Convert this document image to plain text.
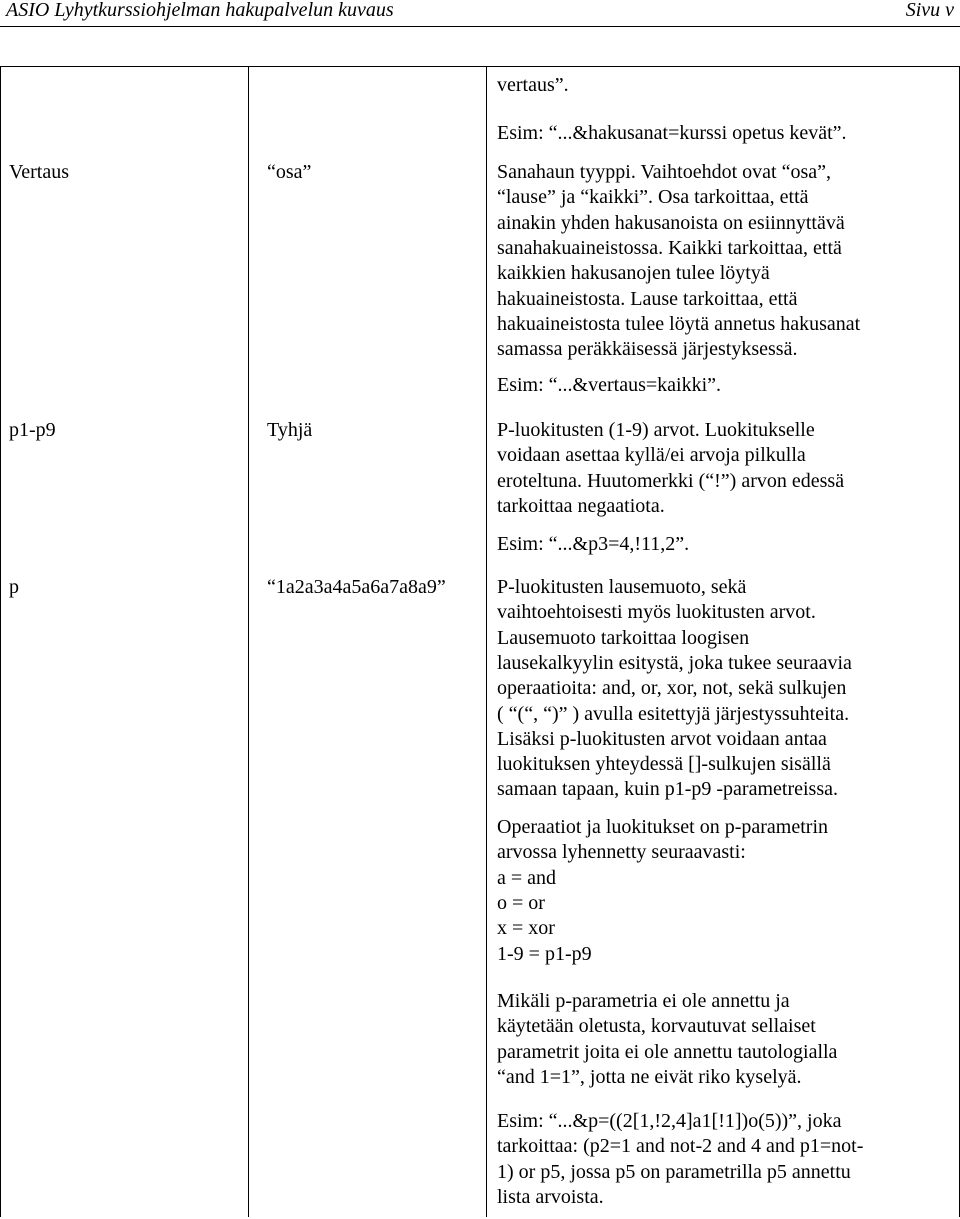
ASIO Lyhytkurssiohjelman hakupalvelun kuvaus	Sivu v
vertaus”.
Esim: “...&hakusanat=kurssi opetus kevät”.
Vertaus	“osa”	Sanahaun tyyppi. Vaihtoehdot ovat “osa”,
“lause” ja “kaikki”. Osa tarkoittaa, että
ainakin yhden hakusanoista on esiinnyttävä
sanahakuaineistossa. Kaikki tarkoittaa, että
kaikkien hakusanojen tulee löytyä
hakuaineistosta. Lause tarkoittaa, että
hakuaineistosta tulee löytä annetus hakusanat
samassa peräkkäisessä järjestyksessä.
Esim: “...&vertaus=kaikki”.
p1-p9	Tyhjä	P-luokitusten (1-9) arvot. Luokitukselle
voidaan asettaa kyllä/ei arvoja pilkulla
eroteltuna. Huutomerkki (“!”) arvon edessä
tarkoittaa negaatiota.
Esim: “...&p3=4,!11,2”.
p	“1a2a3a4a5a6a7a8a9”	P-luokitusten lausemuoto, sekä
vaihtoehtoisesti myös luokitusten arvot.
Lausemuoto tarkoittaa loogisen
lausekalkyylin esitystä, joka tukee seuraavia
operaatioita: and, or, xor, not, sekä sulkujen
( “(“, “)” ) avulla esitettyjä järjestyssuhteita.
Lisäksi p-luokitusten arvot voidaan antaa
luokituksen yhteydessä []-sulkujen sisällä
samaan tapaan, kuin p1-p9 -parametreissa.
Operaatiot ja luokitukset on p-parametrin
arvossa lyhennetty seuraavasti:
a = and
o = or
x = xor
1-9 = p1-p9
Mikäli p-parametria ei ole annettu ja
käytetään oletusta, korvautuvat sellaiset
parametrit joita ei ole annettu tautologialla
“and 1=1”, jotta ne eivät riko kyselyä.
Esim: “...&p=((2[1,!2,4]a1[!1])o(5))”, joka
tarkoittaa: (p2=1 and not-2 and 4 and p1=not-
1) or p5, jossa p5 on parametrilla p5 annettu
lista arvoista.
